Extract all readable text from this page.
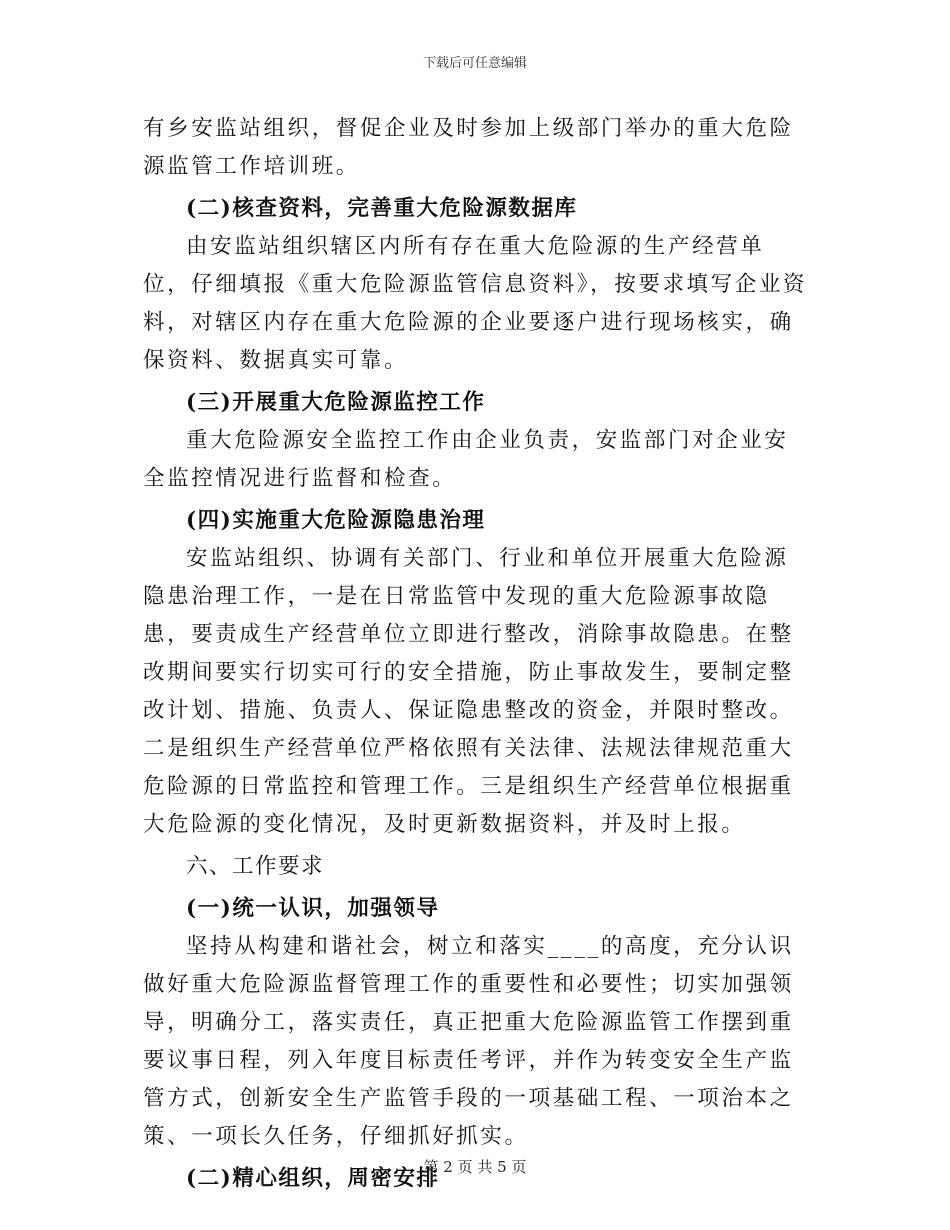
下载后可任意编辑

有乡安监站组织，督促企业及时参加上级部门举办的重大危险源监管工作培训班。

(二)核查资料，完善重大危险源数据库

由安监站组织辖区内所有存在重大危险源的生产经营单位，仔细填报《重大危险源监管信息资料》，按要求填写企业资料，对辖区内存在重大危险源的企业要逐户进行现场核实，确保资料、数据真实可靠。

(三)开展重大危险源监控工作

重大危险源安全监控工作由企业负责，安监部门对企业安全监控情况进行监督和检查。

(四)实施重大危险源隐患治理

安监站组织、协调有关部门、行业和单位开展重大危险源隐患治理工作，一是在日常监管中发现的重大危险源事故隐患，要责成生产经营单位立即进行整改，消除事故隐患。在整改期间要实行切实可行的安全措施，防止事故发生，要制定整改计划、措施、负责人、保证隐患整改的资金，并限时整改。二是组织生产经营单位严格依照有关法律、法规法律规范重大危险源的日常监控和管理工作。三是组织生产经营单位根据重大危险源的变化情况，及时更新数据资料，并及时上报。

六、工作要求

(一)统一认识，加强领导

坚持从构建和谐社会，树立和落实____的高度，充分认识做好重大危险源监督管理工作的重要性和必要性；切实加强领导，明确分工，落实责任，真正把重大危险源监管工作摆到重要议事日程，列入年度目标责任考评，并作为转变安全生产监管方式，创新安全生产监管手段的一项基础工程、一项治本之策、一项长久任务，仔细抓好抓实。

(二)精心组织，周密安排

第 2 页 共 5 页
